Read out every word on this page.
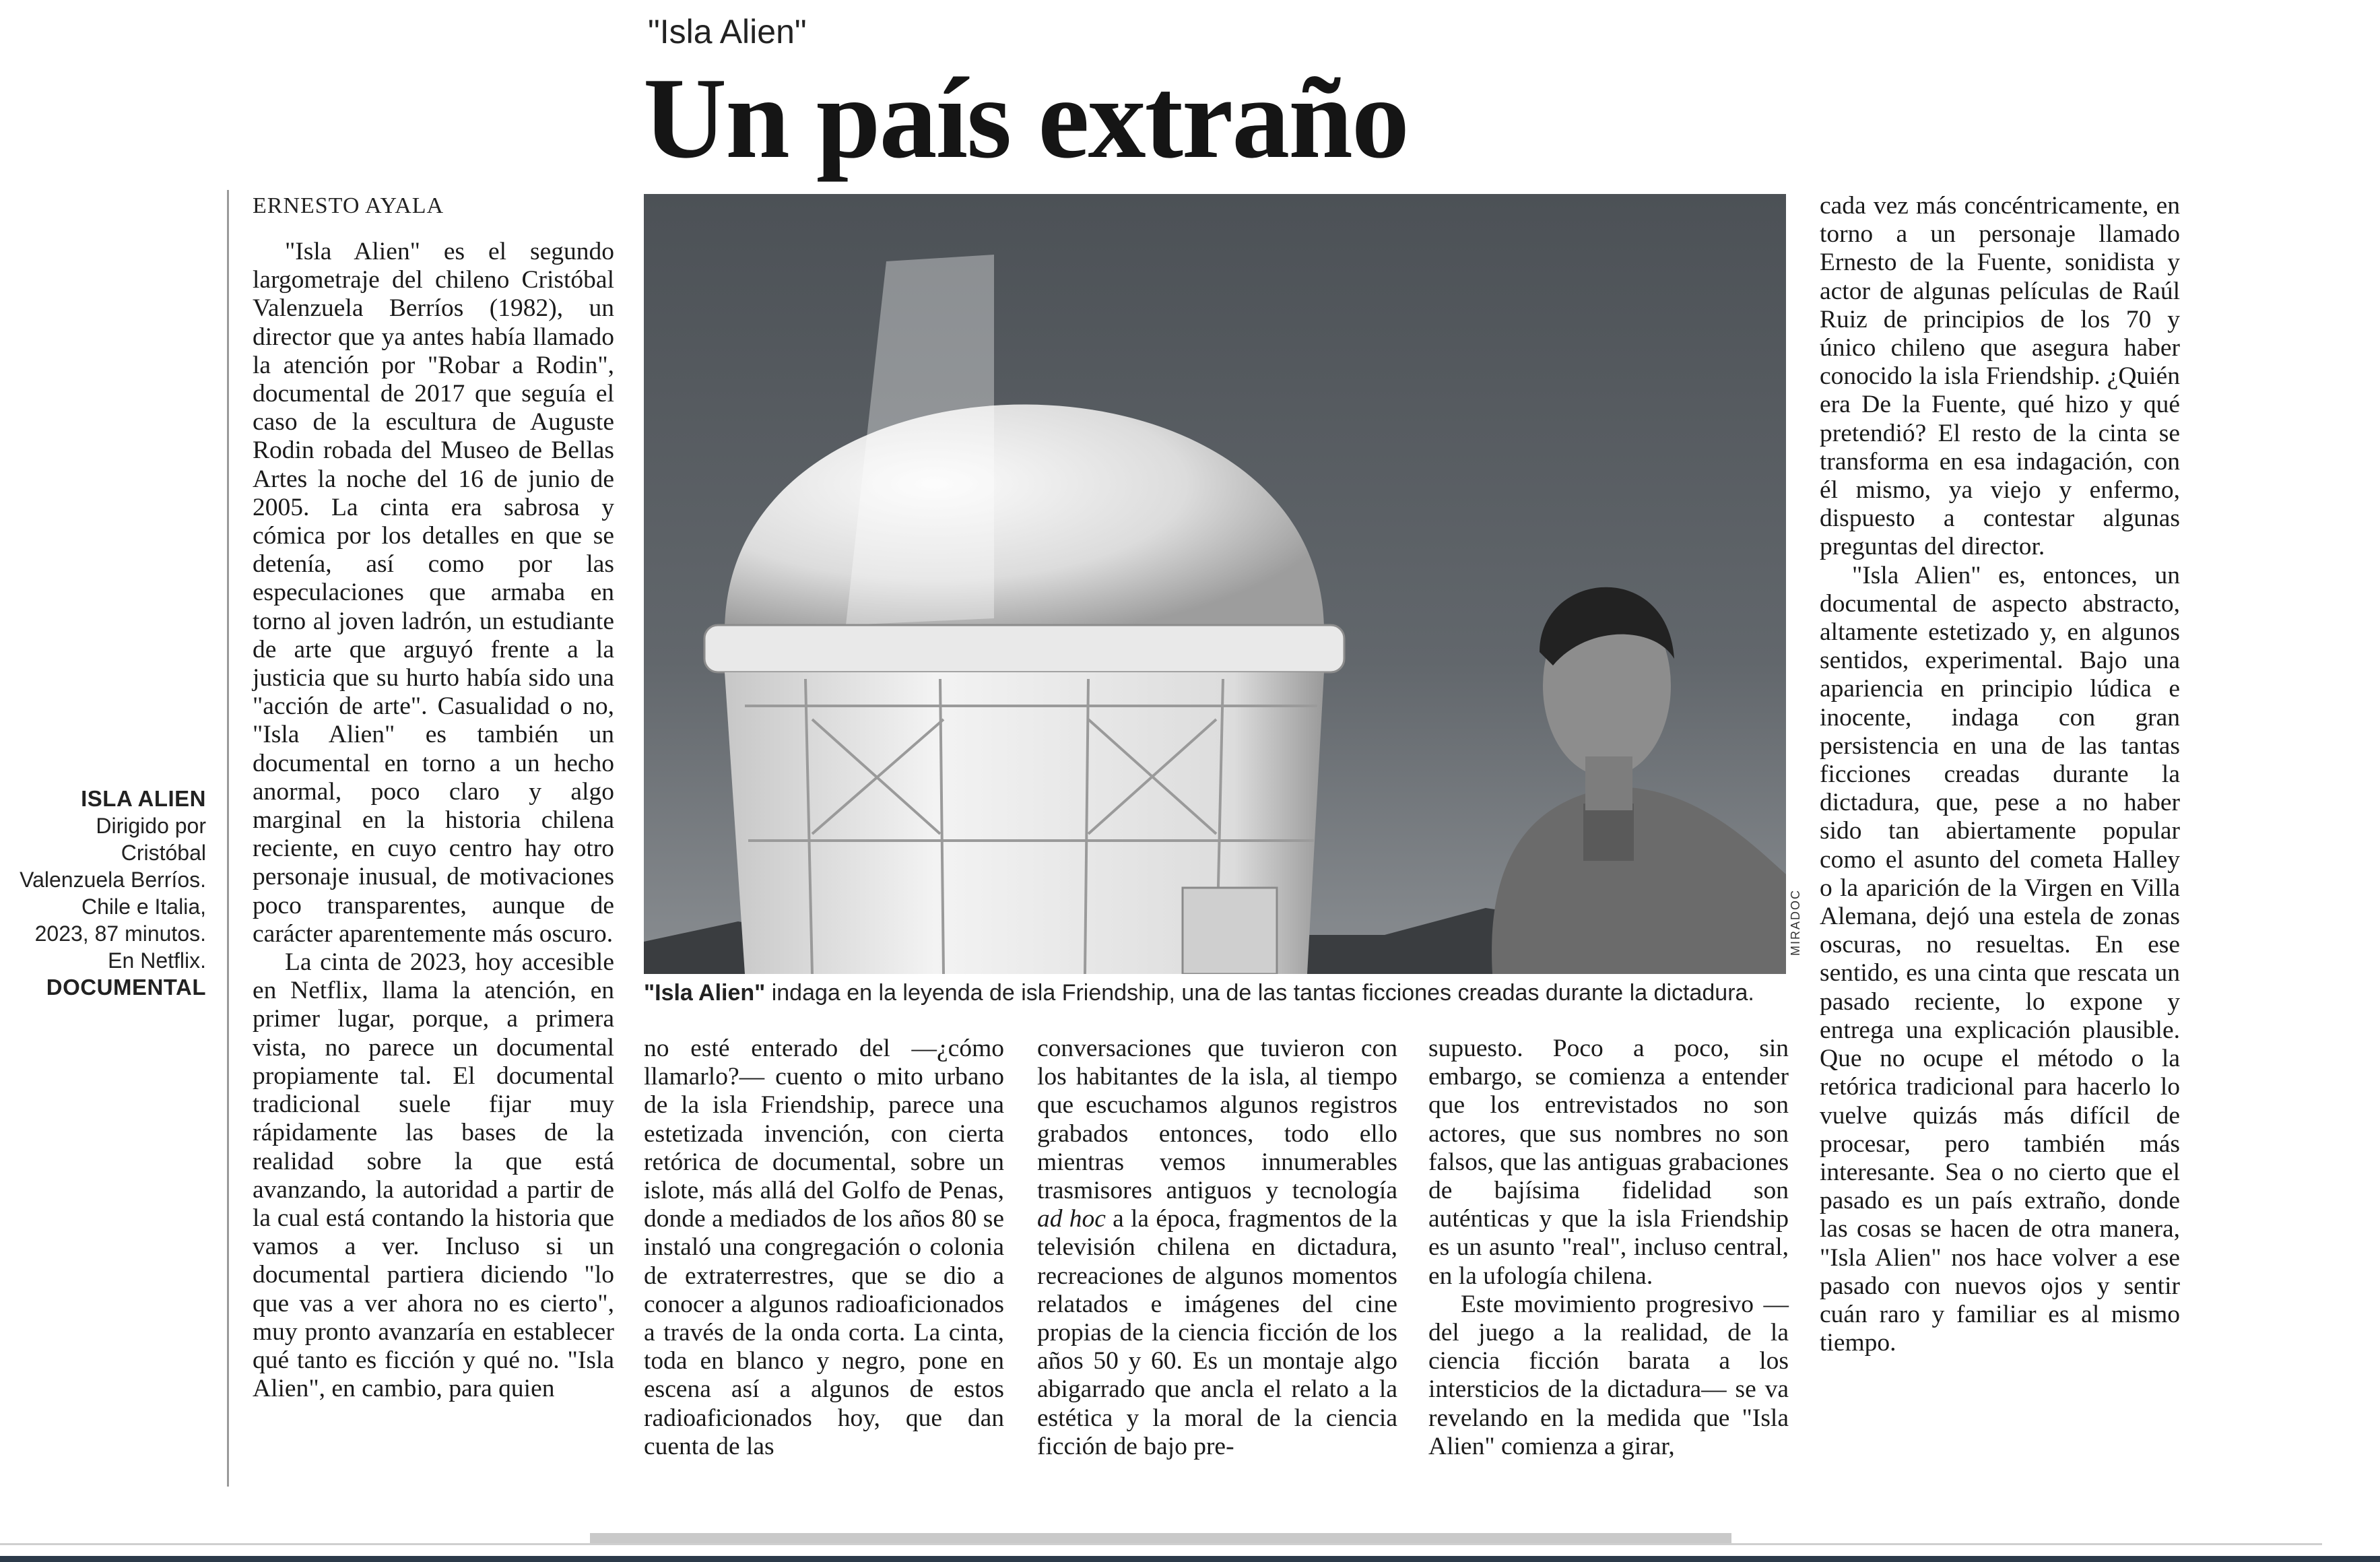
"Isla Alien"
Un país extraño
ISLA ALIEN
Dirigido por
Cristóbal
Valenzuela Berríos.
Chile e Italia,
2023, 87 minutos.
En Netflix.
DOCUMENTAL
ERNESTO AYALA

"Isla Alien" es el segundo largometraje del chileno Cristóbal Valenzuela Berríos (1982), un director que ya antes había llamado la atención por "Robar a Rodin", documental de 2017 que seguía el caso de la escultura de Auguste Rodin robada del Museo de Bellas Artes la noche del 16 de junio de 2005. La cinta era sabrosa y cómica por los detalles en que se detenía, así como por las especulaciones que armaba en torno al joven ladrón, un estudiante de arte que arguyó frente a la justicia que su hurto había sido una "acción de arte". Casualidad o no, "Isla Alien" es también un documental en torno a un hecho anormal, poco claro y algo marginal en la historia chilena reciente, en cuyo centro hay otro personaje inusual, de motivaciones poco transparentes, aunque de carácter aparentemente más oscuro.

La cinta de 2023, hoy accesible en Netflix, llama la atención, en primer lugar, porque, a primera vista, no parece un documental propiamente tal. El documental tradicional suele fijar muy rápidamente las bases de la realidad sobre la que está avanzando, la autoridad a partir de la cual está contando la historia que vamos a ver. Incluso si un documental partiera diciendo "lo que vas a ver ahora no es cierto", muy pronto avanzaría en establecer qué tanto es ficción y qué no. "Isla Alien", en cambio, para quien

MIRADOC
"Isla Alien" indaga en la leyenda de isla Friendship, una de las tantas ficciones creadas durante la dictadura.

no esté enterado del —¿cómo llamarlo?— cuento o mito urbano de la isla Friendship, parece una estetizada invención, con cierta retórica de documental, sobre un islote, más allá del Golfo de Penas, donde a mediados de los años 80 se instaló una congregación o colonia de extraterrestres, que se dio a conocer a algunos radioaficionados a través de la onda corta. La cinta, toda en blanco y negro, pone en escena así a algunos de estos radioaficionados hoy, que dan cuenta de las

conversaciones que tuvieron con los habitantes de la isla, al tiempo que escuchamos algunos registros grabados entonces, todo ello mientras vemos innumerables trasmisores antiguos y tecnología ad hoc a la época, fragmentos de la televisión chilena en dictadura, recreaciones de algunos momentos relatados e imágenes del cine propias de la ciencia ficción de los años 50 y 60. Es un montaje algo abigarrado que ancla el relato a la estética y la moral de la ciencia ficción de bajo pre-

supuesto. Poco a poco, sin embargo, se comienza a entender que los entrevistados no son actores, que sus nombres no son falsos, que las antiguas grabaciones de bajísima fidelidad son auténticas y que la isla Friendship es un asunto "real", incluso central, en la ufología chilena.

Este movimiento progresivo —del juego a la realidad, de la ciencia ficción barata a los intersticios de la dictadura— se va revelando en la medida que "Isla Alien" comienza a girar,

cada vez más concéntricamente, en torno a un personaje llamado Ernesto de la Fuente, sonidista y actor de algunas películas de Raúl Ruiz de principios de los 70 y único chileno que asegura haber conocido la isla Friendship. ¿Quién era De la Fuente, qué hizo y qué pretendió? El resto de la cinta se transforma en esa indagación, con él mismo, ya viejo y enfermo, dispuesto a contestar algunas preguntas del director.

"Isla Alien" es, entonces, un documental de aspecto abstracto, altamente estetizado y, en algunos sentidos, experimental. Bajo una apariencia en principio lúdica e inocente, indaga con gran persistencia en una de las tantas ficciones creadas durante la dictadura, que, pese a no haber sido tan abiertamente popular como el asunto del cometa Halley o la aparición de la Virgen en Villa Alemana, dejó una estela de zonas oscuras, no resueltas. En ese sentido, es una cinta que rescata un pasado reciente, lo expone y entrega una explicación plausible. Que no ocupe el método o la retórica tradicional para hacerlo lo vuelve quizás más difícil de procesar, pero también más interesante. Sea o no cierto que el pasado es un país extraño, donde las cosas se hacen de otra manera, "Isla Alien" nos hace volver a ese pasado con nuevos ojos y sentir cuán raro y familiar es al mismo tiempo.
